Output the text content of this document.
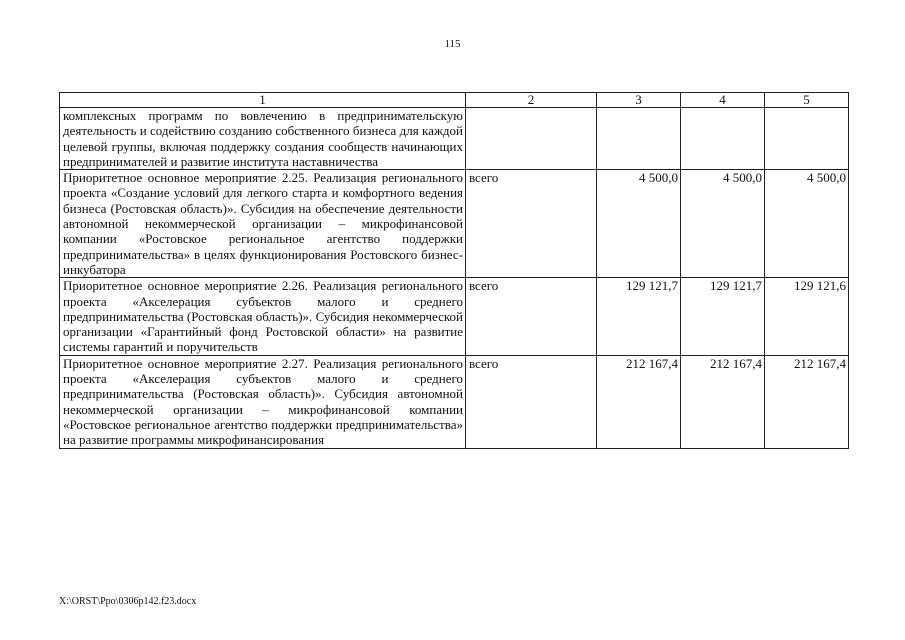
115
1	2	3	4	5
комплексных программ по вовлечению в предпринимательскую деятельность и содействию созданию собственного бизнеса для каждой целевой группы, включая поддержку создания сообществ начинающих предпринимателей и развитие института наставничества				
Приоритетное основное мероприятие 2.25. Реализация регионального проекта «Создание условий для легкого старта и комфортного ведения бизнеса (Ростовская область)». Субсидия на обеспечение деятельности автономной некоммерческой организации – микрофинансовой компании «Ростовское региональное агентство поддержки предпринимательства» в целях функционирования Ростовского бизнес-инкубатора	всего	4 500,0	4 500,0	4 500,0
Приоритетное основное мероприятие 2.26. Реализация регионального проекта «Акселерация субъектов малого и среднего предпринимательства (Ростовская область)». Субсидия некоммерческой организации «Гарантийный фонд Ростовской области» на развитие системы гарантий и поручительств	всего	129 121,7	129 121,7	129 121,6
Приоритетное основное мероприятие 2.27. Реализация регионального проекта «Акселерация субъектов малого и среднего предпринимательства (Ростовская область)». Субсидия автономной некоммерческой организации – микрофинансовой компании «Ростовское региональное агентство поддержки предпринимательства» на развитие программы микрофинансирования	всего	212 167,4	212 167,4	212 167,4
X:\ORST\Ppo\0306p142.f23.docx
